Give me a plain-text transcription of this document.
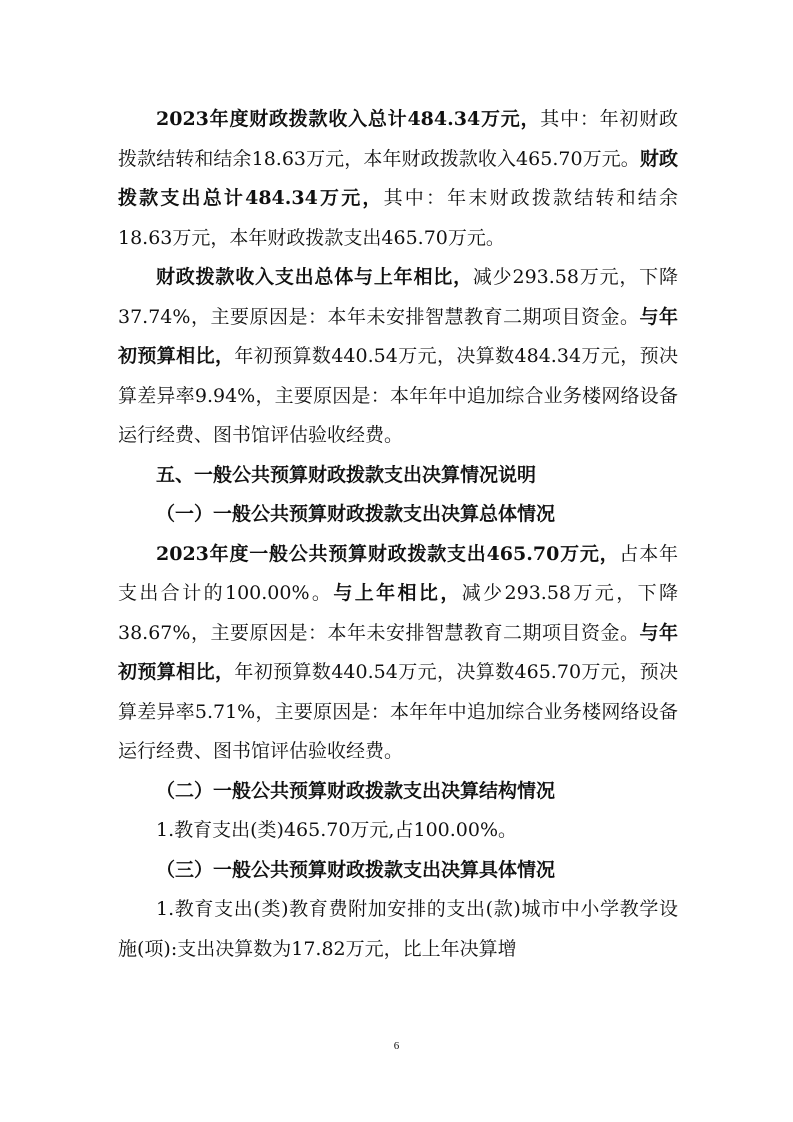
2023年度财政拨款收入总计484.34万元，其中：年初财政拨款结转和结余18.63万元，本年财政拨款收入465.70万元。财政拨款支出总计484.34万元，其中：年末财政拨款结转和结余18.63万元，本年财政拨款支出465.70万元。

财政拨款收入支出总体与上年相比，减少293.58万元，下降37.74%，主要原因是：本年未安排智慧教育二期项目资金。与年初预算相比，年初预算数440.54万元，决算数484.34万元，预决算差异率9.94%，主要原因是：本年年中追加综合业务楼网络设备运行经费、图书馆评估验收经费。

五、一般公共预算财政拨款支出决算情况说明

（一）一般公共预算财政拨款支出决算总体情况

2023年度一般公共预算财政拨款支出465.70万元，占本年支出合计的100.00%。与上年相比，减少293.58万元，下降38.67%，主要原因是：本年未安排智慧教育二期项目资金。与年初预算相比，年初预算数440.54万元，决算数465.70万元，预决算差异率5.71%，主要原因是：本年年中追加综合业务楼网络设备运行经费、图书馆评估验收经费。

（二）一般公共预算财政拨款支出决算结构情况

1.教育支出(类)465.70万元,占100.00%。

（三）一般公共预算财政拨款支出决算具体情况

1.教育支出(类)教育费附加安排的支出(款)城市中小学教学设施(项):支出决算数为17.82万元，比上年决算增

6
